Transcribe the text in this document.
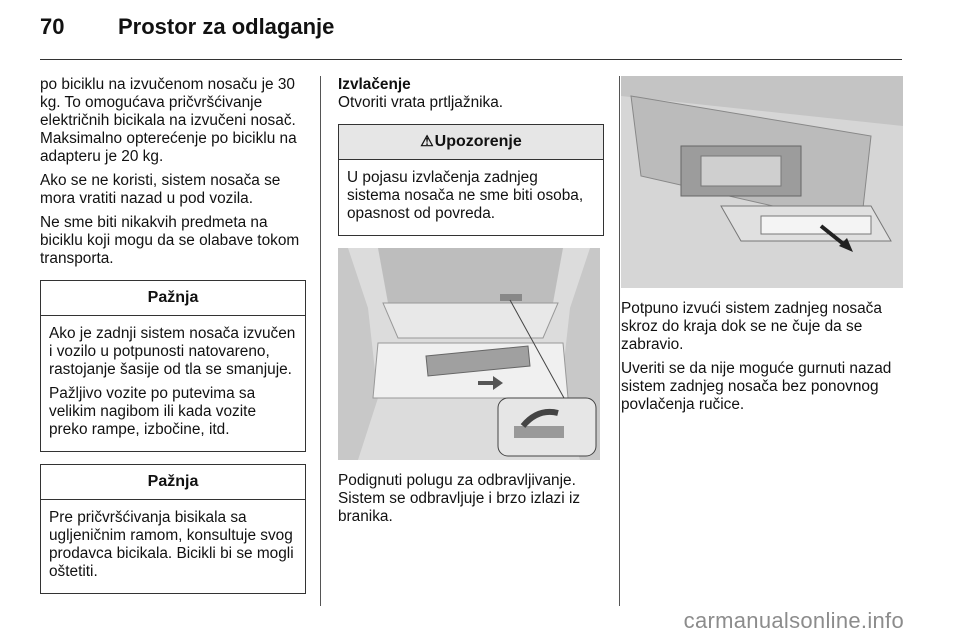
70 Prostor za odlaganje

po biciklu na izvučenom nosaču je 30 kg. To omogućava pričvršćivanje električnih bicikala na izvučeni nosač. Maksimalno opterećenje po biciklu na adapteru je 20 kg.

Ako se ne koristi, sistem nosača se mora vratiti nazad u pod vozila.

Ne sme biti nikakvih predmeta na biciklu koji mogu da se olabave tokom transporta.

Pažnja

Ako je zadnji sistem nosača izvučen i vozilo u potpunosti natovareno, rastojanje šasije od tla se smanjuje.

Pažljivo vozite po putevima sa velikim nagibom ili kada vozite preko rampe, izbočine, itd.

Pažnja

Pre pričvršćivanja bisikala sa ugljeničnim ramom, konsultuje svog prodavca bicikala. Bicikli bi se mogli oštetiti.

Izvlačenje
Otvoriti vrata prtljažnika.
⚠Upozorenje

U pojasu izvlačenja zadnjeg sistema nosača ne sme biti osoba, opasnost od povreda.

Podignuti polugu za odbravljivanje. Sistem se odbravljuje i brzo izlazi iz branika.

Potpuno izvući sistem zadnjeg nosača skroz do kraja dok se ne čuje da se zabravio.

Uveriti se da nije moguće gurnuti nazad sistem zadnjeg nosača bez ponovnog povlačenja ručice.

carmanualsonline.info
